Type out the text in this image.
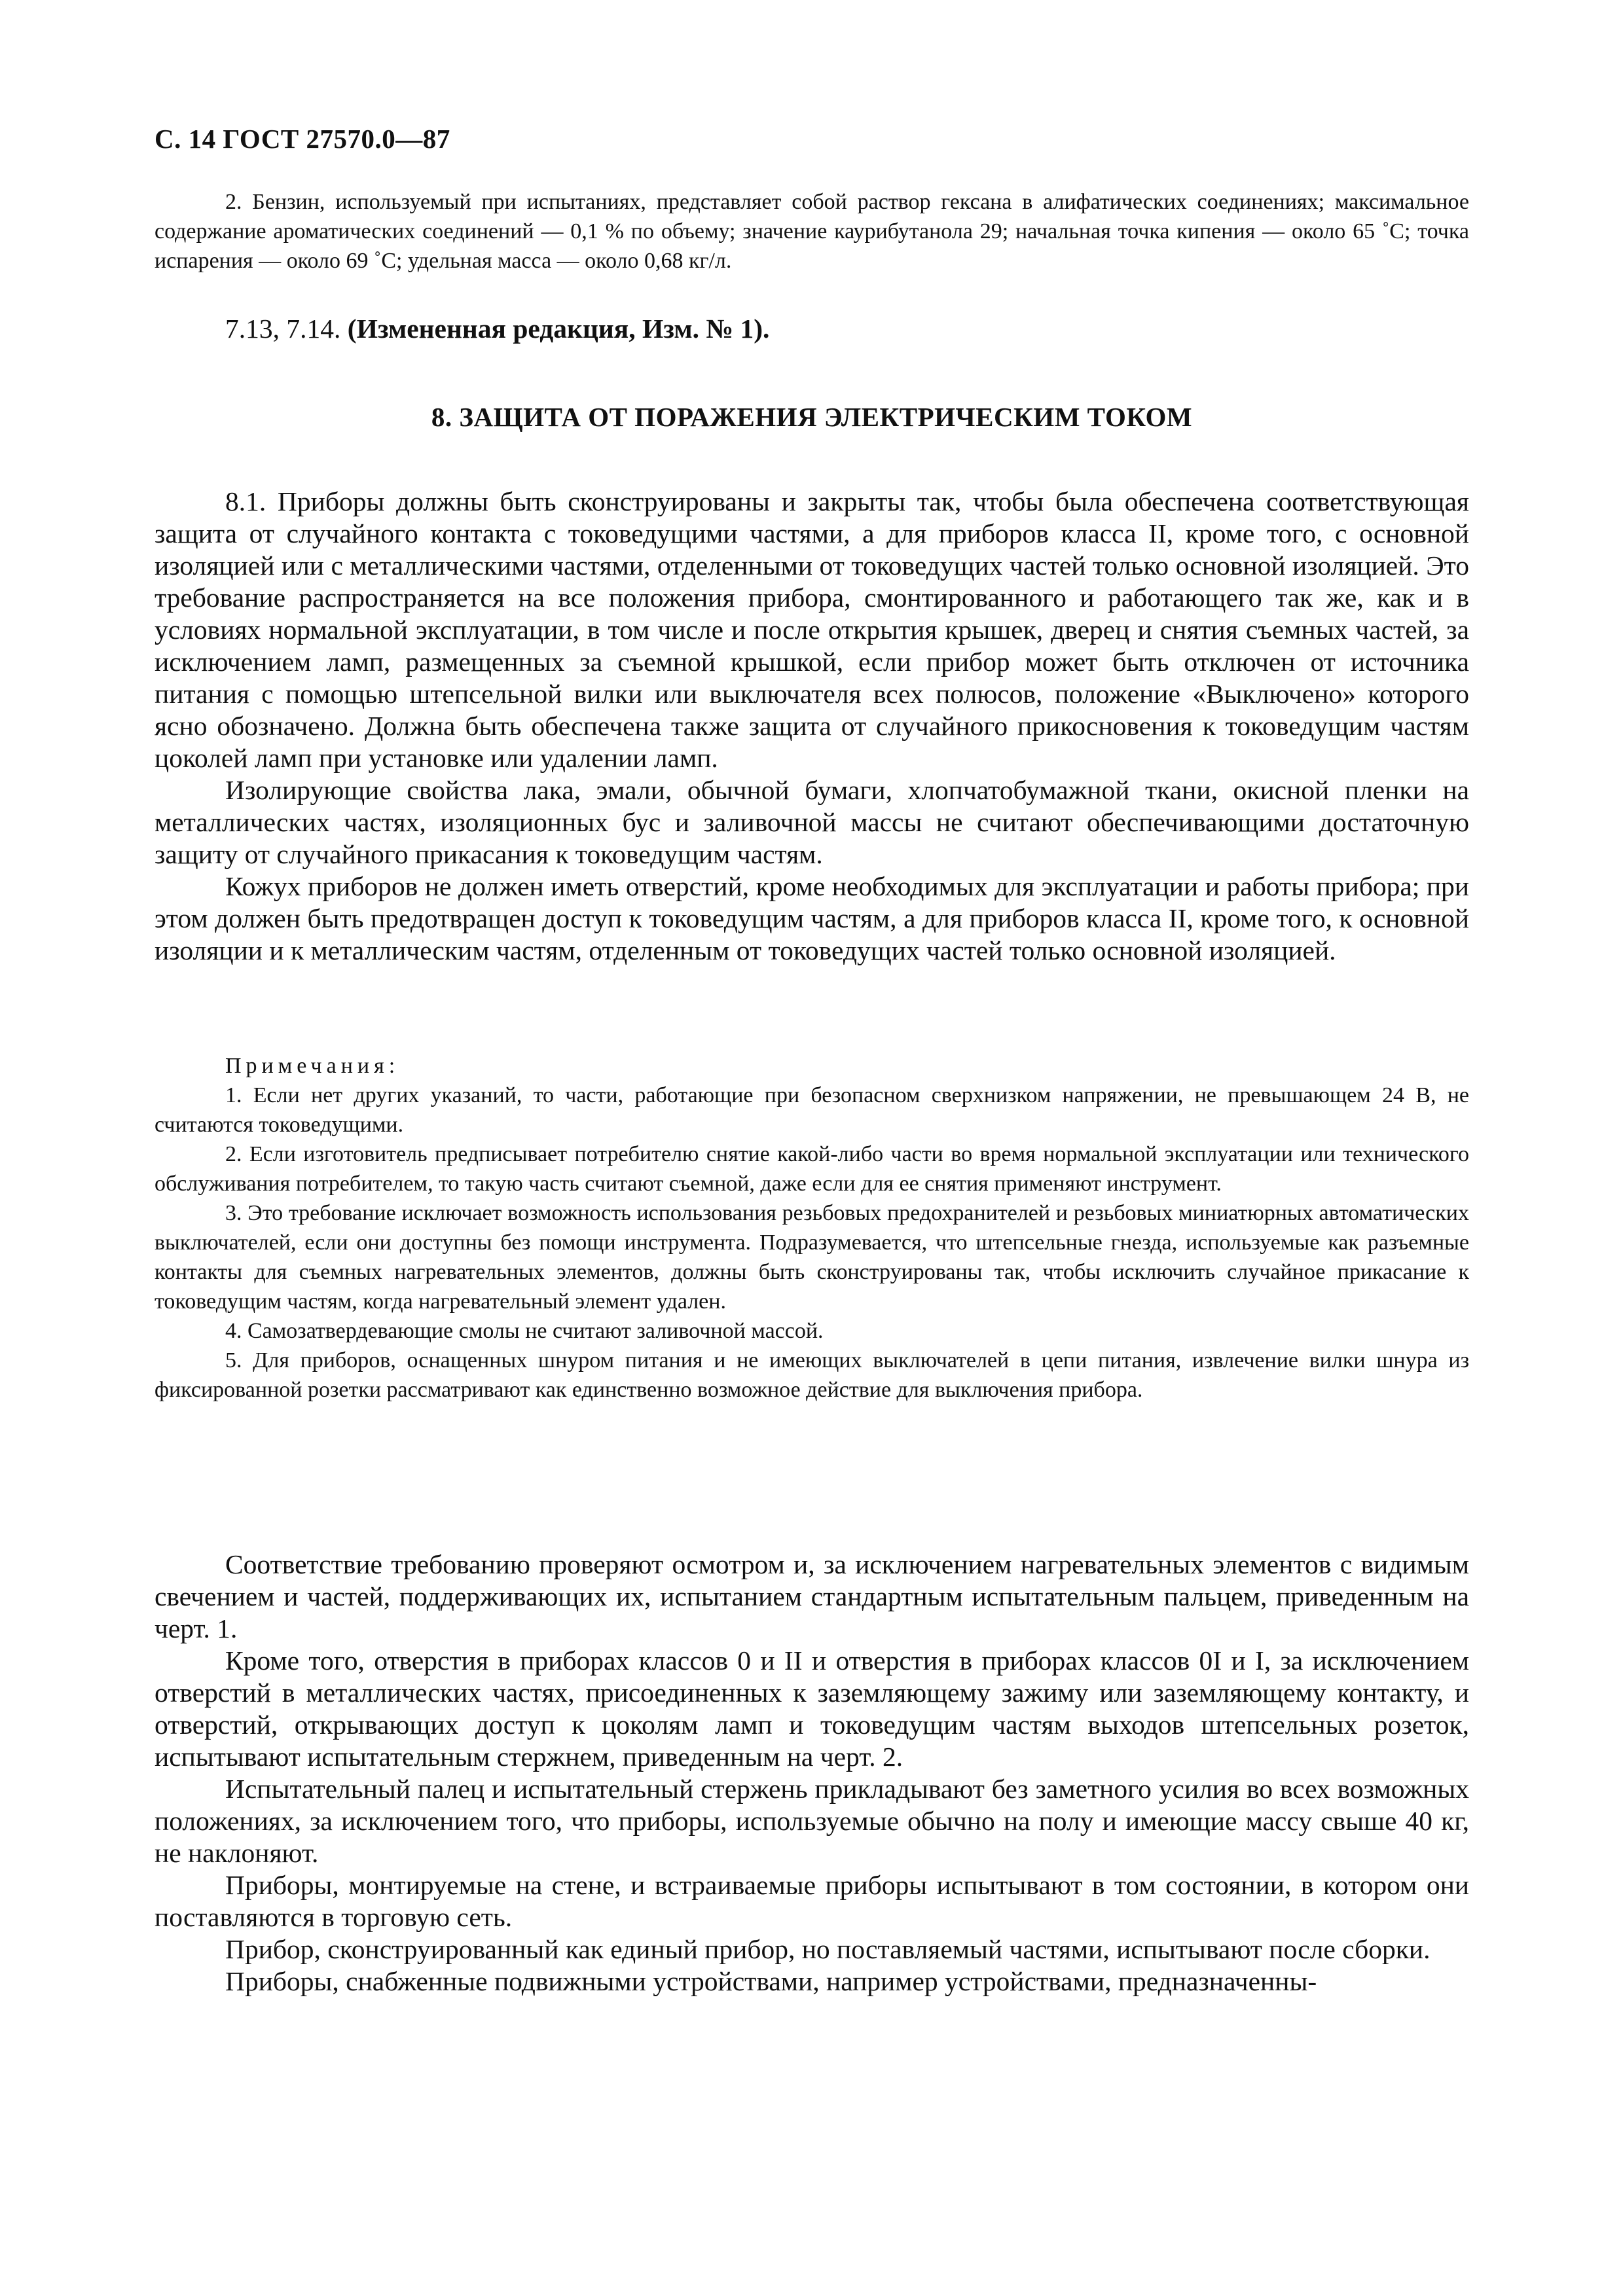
С. 14 ГОСТ 27570.0—87

2. Бензин, используемый при испытаниях, представляет собой раствор гексана в алифатических соединениях; максимальное содержание ароматических соединений — 0,1 % по объему; значение каурибутанола 29; начальная точка кипения — около 65 ˚С; точка испарения — около 69 ˚С; удельная масса — около 0,68 кг/л.

7.13, 7.14. (Измененная редакция, Изм. № 1).

8. ЗАЩИТА ОТ ПОРАЖЕНИЯ ЭЛЕКТРИЧЕСКИМ ТОКОМ

8.1. Приборы должны быть сконструированы и закрыты так, чтобы была обеспечена соответствующая защита от случайного контакта с токоведущими частями, а для приборов класса II, кроме того, с основной изоляцией или с металлическими частями, отделенными от токоведущих частей только основной изоляцией. Это требование распространяется на все положения прибора, смонтированного и работающего так же, как и в условиях нормальной эксплуатации, в том числе и после открытия крышек, дверец и снятия съемных частей, за исключением ламп, размещенных за съемной крышкой, если прибор может быть отключен от источника питания с помощью штепсельной вилки или выключателя всех полюсов, положение «Выключено» которого ясно обозначено. Должна быть обеспечена также защита от случайного прикосновения к токоведущим частям цоколей ламп при установке или удалении ламп.

Изолирующие свойства лака, эмали, обычной бумаги, хлопчатобумажной ткани, окисной пленки на металлических частях, изоляционных бус и заливочной массы не считают обеспечивающими достаточную защиту от случайного прикасания к токоведущим частям.

Кожух приборов не должен иметь отверстий, кроме необходимых для эксплуатации и работы прибора; при этом должен быть предотвращен доступ к токоведущим частям, а для приборов класса II, кроме того, к основной изоляции и к металлическим частям, отделенным от токоведущих частей только основной изоляцией.

Примечания:

1. Если нет других указаний, то части, работающие при безопасном сверхнизком напряжении, не превышающем 24 В, не считаются токоведущими.

2. Если изготовитель предписывает потребителю снятие какой-либо части во время нормальной эксплуатации или технического обслуживания потребителем, то такую часть считают съемной, даже если для ее снятия применяют инструмент.

3. Это требование исключает возможность использования резьбовых предохранителей и резьбовых миниатюрных автоматических выключателей, если они доступны без помощи инструмента. Подразумевается, что штепсельные гнезда, используемые как разъемные контакты для съемных нагревательных элементов, должны быть сконструированы так, чтобы исключить случайное прикасание к токоведущим частям, когда нагревательный элемент удален.

4. Самозатвердевающие смолы не считают заливочной массой.

5. Для приборов, оснащенных шнуром питания и не имеющих выключателей в цепи питания, извлечение вилки шнура из фиксированной розетки рассматривают как единственно возможное действие для выключения прибора.

Соответствие требованию проверяют осмотром и, за исключением нагревательных элементов с видимым свечением и частей, поддерживающих их, испытанием стандартным испытательным пальцем, приведенным на черт. 1.

Кроме того, отверстия в приборах классов 0 и II и отверстия в приборах классов 0I и I, за исключением отверстий в металлических частях, присоединенных к заземляющему зажиму или заземляющему контакту, и отверстий, открывающих доступ к цоколям ламп и токоведущим частям выходов штепсельных розеток, испытывают испытательным стержнем, приведенным на черт. 2.

Испытательный палец и испытательный стержень прикладывают без заметного усилия во всех возможных положениях, за исключением того, что приборы, используемые обычно на полу и имеющие массу свыше 40 кг, не наклоняют.

Приборы, монтируемые на стене, и встраиваемые приборы испытывают в том состоянии, в котором они поставляются в торговую сеть.

Прибор, сконструированный как единый прибор, но поставляемый частями, испытывают после сборки.

Приборы, снабженные подвижными устройствами, например устройствами, предназначенны-
